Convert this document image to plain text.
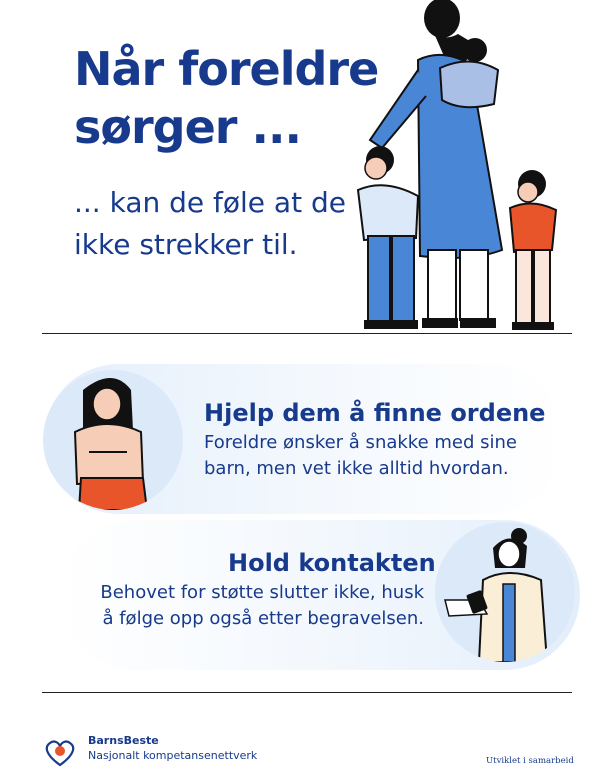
Når foreldre sørger ...

... kan de føle at de ikke strekker til.

Hjelp dem å finne ordene

Foreldre ønsker å snakke med sine barn, men vet ikke alltid hvordan.

Hold kontakten

Behovet for støtte slutter ikke, husk å følge opp også etter begravelsen.

BarnsBeste
Nasjonalt kompetansenettverk	Utviklet i samarbeid
